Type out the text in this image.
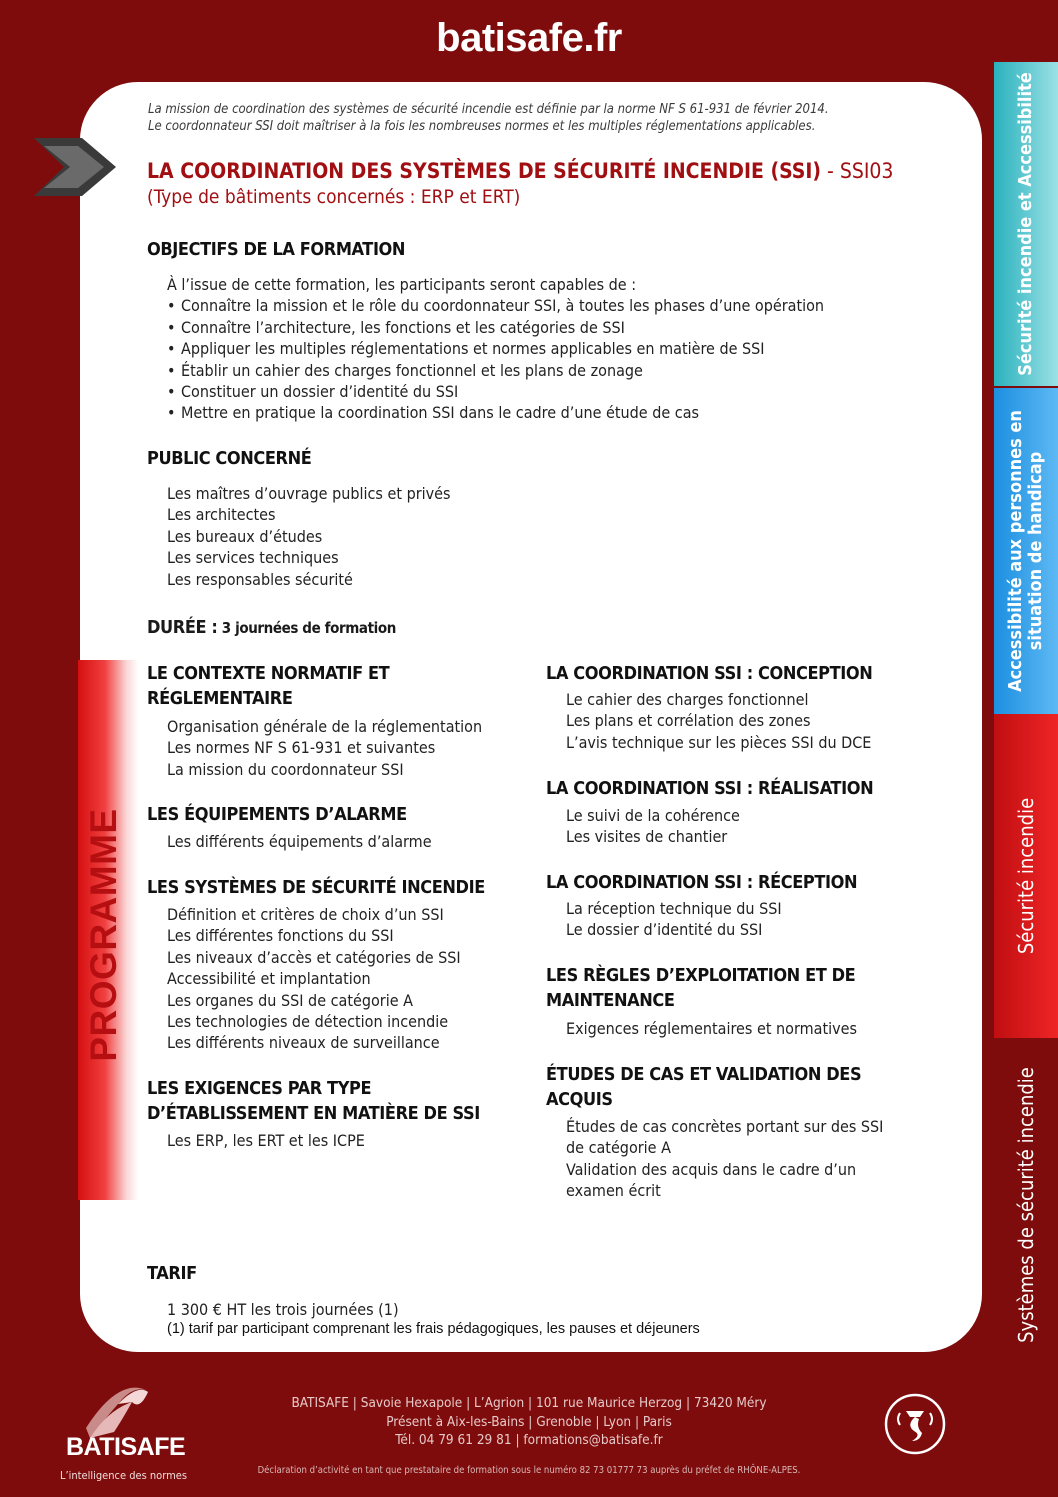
batisafe.fr
PROGRAMME
Sécurité incendie et Accessibilité
Accessibilité aux personnes en situation de handicap
Sécurité incendie
Systèmes de sécurité incendie
La mission de coordination des systèmes de sécurité incendie est définie par la norme NF S 61-931 de février 2014.
Le coordonnateur SSI doit maîtriser à la fois les nombreuses normes et les multiples réglementations applicables.
LA COORDINATION DES SYSTÈMES DE SÉCURITÉ INCENDIE (SSI) - SSI03
(Type de bâtiments concernés : ERP et ERT)
OBJECTIFS DE LA FORMATION
À l’issue de cette formation, les participants seront capables de :
• Connaître la mission et le rôle du coordonnateur SSI, à toutes les phases d’une opération
• Connaître l’architecture, les fonctions et les catégories de SSI
• Appliquer les multiples réglementations et normes applicables en matière de SSI
• Établir un cahier des charges fonctionnel et les plans de zonage
• Constituer un dossier d’identité du SSI
• Mettre en pratique la coordination SSI dans le cadre d’une étude de cas
PUBLIC CONCERNÉ
Les maîtres d’ouvrage publics et privés
Les architectes
Les bureaux d’études
Les services techniques
Les responsables sécurité
DURÉE : 3 journées de formation
LE CONTEXTE NORMATIF ET
RÉGLEMENTAIRE
Organisation générale de la réglementation
Les normes NF S 61-931 et suivantes
La mission du coordonnateur SSI
LES ÉQUIPEMENTS D’ALARME
Les différents équipements d’alarme
LES SYSTÈMES DE SÉCURITÉ INCENDIE
Définition et critères de choix d’un SSI
Les différentes fonctions du SSI
Les niveaux d’accès et catégories de SSI
Accessibilité et implantation
Les organes du SSI de catégorie A
Les technologies de détection incendie
Les différents niveaux de surveillance
LES EXIGENCES PAR TYPE
D’ÉTABLISSEMENT EN MATIÈRE DE SSI
Les ERP, les ERT et les ICPE
LA COORDINATION SSI : CONCEPTION
Le cahier des charges fonctionnel
Les plans et corrélation des zones
L’avis technique sur les pièces SSI du DCE
LA COORDINATION SSI : RÉALISATION
Le suivi de la cohérence
Les visites de chantier
LA COORDINATION SSI : RÉCEPTION
La réception technique du SSI
Le dossier d’identité du SSI
LES RÈGLES D’EXPLOITATION ET DE
MAINTENANCE
Exigences réglementaires et normatives
ÉTUDES DE CAS ET VALIDATION DES
ACQUIS
Études de cas concrètes portant sur des SSI
de catégorie A
Validation des acquis dans le cadre d’un
examen écrit
TARIF
1 300 € HT les trois journées (1)
(1) tarif par participant comprenant les frais pédagogiques, les pauses et déjeuners
BATISAFE
L’intelligence des normes
BATISAFE | Savoie Hexapole | L’Agrion | 101 rue Maurice Herzog | 73420 Méry
Présent à Aix-les-Bains | Grenoble | Lyon | Paris
Tél. 04 79 61 29 81 | formations@batisafe.fr
Déclaration d’activité en tant que prestataire de formation sous le numéro 82 73 01777 73 auprès du préfet de RHÔNE-ALPES.
